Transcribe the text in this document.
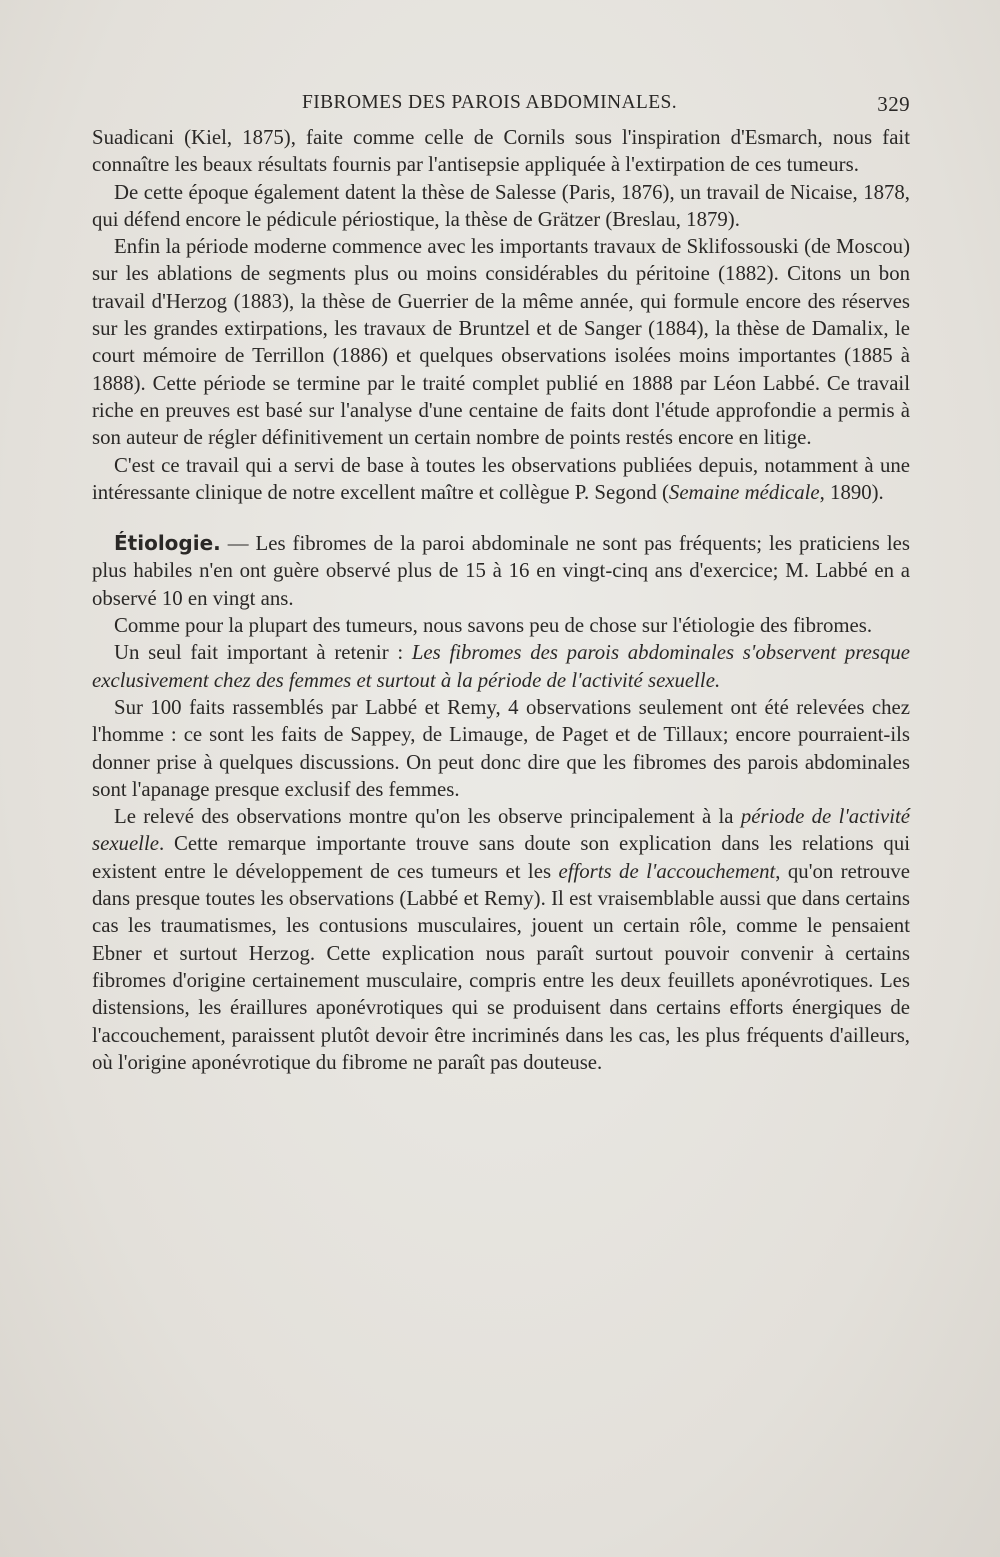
FIBROMES DES PAROIS ABDOMINALES.	329

Suadicani (Kiel, 1875), faite comme celle de Cornils sous l'inspiration d'Esmarch, nous fait connaître les beaux résultats fournis par l'antisepsie appliquée à l'extirpation de ces tumeurs.

De cette époque également datent la thèse de Salesse (Paris, 1876), un travail de Nicaise, 1878, qui défend encore le pédicule périostique, la thèse de Grätzer (Breslau, 1879).

Enfin la période moderne commence avec les importants travaux de Sklifossouski (de Moscou) sur les ablations de segments plus ou moins considérables du péritoine (1882). Citons un bon travail d'Herzog (1883), la thèse de Guerrier de la même année, qui formule encore des réserves sur les grandes extirpations, les travaux de Bruntzel et de Sanger (1884), la thèse de Damalix, le court mémoire de Terrillon (1886) et quelques observations isolées moins importantes (1885 à 1888). Cette période se termine par le traité complet publié en 1888 par Léon Labbé. Ce travail riche en preuves est basé sur l'analyse d'une centaine de faits dont l'étude approfondie a permis à son auteur de régler définitivement un certain nombre de points restés encore en litige.

C'est ce travail qui a servi de base à toutes les observations publiées depuis, notamment à une intéressante clinique de notre excellent maître et collègue P. Segond (Semaine médicale, 1890).

Étiologie. — Les fibromes de la paroi abdominale ne sont pas fréquents; les praticiens les plus habiles n'en ont guère observé plus de 15 à 16 en vingt-cinq ans d'exercice; M. Labbé en a observé 10 en vingt ans.

Comme pour la plupart des tumeurs, nous savons peu de chose sur l'étiologie des fibromes.

Un seul fait important à retenir : Les fibromes des parois abdominales s'observent presque exclusivement chez des femmes et surtout à la période de l'activité sexuelle.

Sur 100 faits rassemblés par Labbé et Remy, 4 observations seulement ont été relevées chez l'homme : ce sont les faits de Sappey, de Limauge, de Paget et de Tillaux; encore pourraient-ils donner prise à quelques discussions. On peut donc dire que les fibromes des parois abdominales sont l'apanage presque exclusif des femmes.

Le relevé des observations montre qu'on les observe principalement à la période de l'activité sexuelle. Cette remarque importante trouve sans doute son explication dans les relations qui existent entre le développement de ces tumeurs et les efforts de l'accouchement, qu'on retrouve dans presque toutes les observations (Labbé et Remy). Il est vraisemblable aussi que dans certains cas les traumatismes, les contusions musculaires, jouent un certain rôle, comme le pensaient Ebner et surtout Herzog. Cette explication nous paraît surtout pouvoir convenir à certains fibromes d'origine certainement musculaire, compris entre les deux feuillets aponévrotiques. Les distensions, les éraillures aponévrotiques qui se produisent dans certains efforts énergiques de l'accouchement, paraissent plutôt devoir être incriminés dans les cas, les plus fréquents d'ailleurs, où l'origine aponévrotique du fibrome ne paraît pas douteuse.
